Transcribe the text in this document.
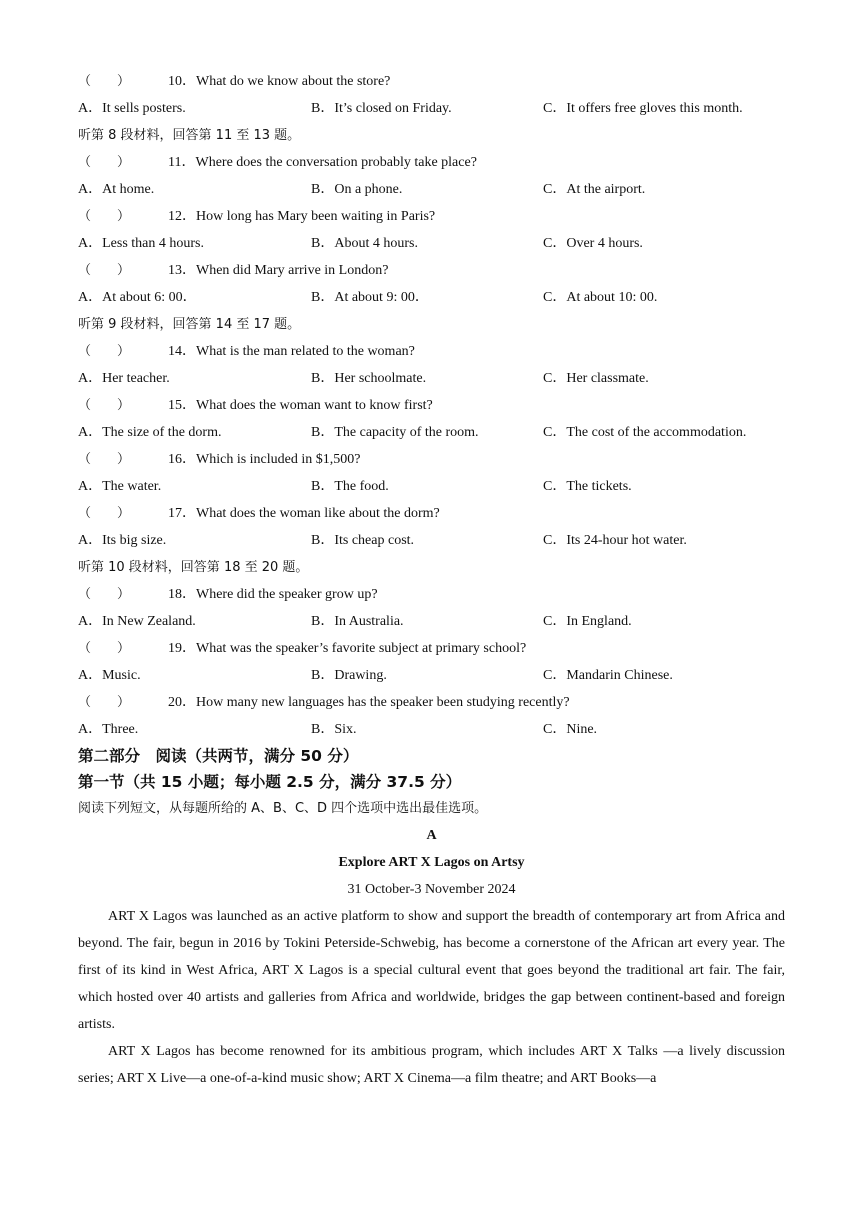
（　　）	10．What do we know about the store?
A．It sells posters.	B．It’s closed on Friday.	C．It offers free gloves this month.
听第 8 段材料，回答第 11 至 13 题。
（　　）	11．Where does the conversation probably take place?
A．At home.	B．On a phone.	C．At the airport.
（　　）	12．How long has Mary been waiting in Paris?
A．Less than 4 hours.	B．About 4 hours.	C．Over 4 hours.
（　　）	13．When did Mary arrive in London?
A．At about 6: 00．	B．At about 9: 00．	C．At about 10: 00.
听第 9 段材料，回答第 14 至 17 题。
（　　）	14．What is the man related to the woman?
A．Her teacher.	B．Her schoolmate.	C．Her classmate.
（　　）	15．What does the woman want to know first?
A．The size of the dorm.	B．The capacity of the room.	C．The cost of the accommodation.
（　　）	16．Which is included in $1,500?
A．The water.	B．The food.	C．The tickets.
（　　）	17．What does the woman like about the dorm?
A．Its big size.	B．Its cheap cost.	C．Its 24-hour hot water.
听第 10 段材料，回答第 18 至 20 题。
（　　）	18．Where did the speaker grow up?
A．In New Zealand.	B．In Australia.	C．In England.
（　　）	19．What was the speaker’s favorite subject at primary school?
A．Music.	B．Drawing.	C．Mandarin Chinese.
（　　）	20．How many new languages has the speaker been studying recently?
A．Three.	B．Six.	C．Nine.
第二部分　阅读（共两节，满分 50 分）
第一节（共 15 小题；每小题 2.5 分，满分 37.5 分）
阅读下列短文，从每题所给的 A、B、C、D 四个选项中选出最佳选项。
A
Explore ART X Lagos on Artsy
31 October-3 November 2024
ART X Lagos was launched as an active platform to show and support the breadth of contemporary art from Africa and beyond. The fair, begun in 2016 by Tokini Peterside-Schwebig, has become a cornerstone of the African art every year. The first of its kind in West Africa, ART X Lagos is a special cultural event that goes beyond the traditional art fair. The fair, which hosted over 40 artists and galleries from Africa and worldwide, bridges the gap between continent-based and foreign artists.
ART X Lagos has become renowned for its ambitious program, which includes ART X Talks —a lively discussion series; ART X Live—a one-of-a-kind music show; ART X Cinema—a film theatre; and ART Books—a
